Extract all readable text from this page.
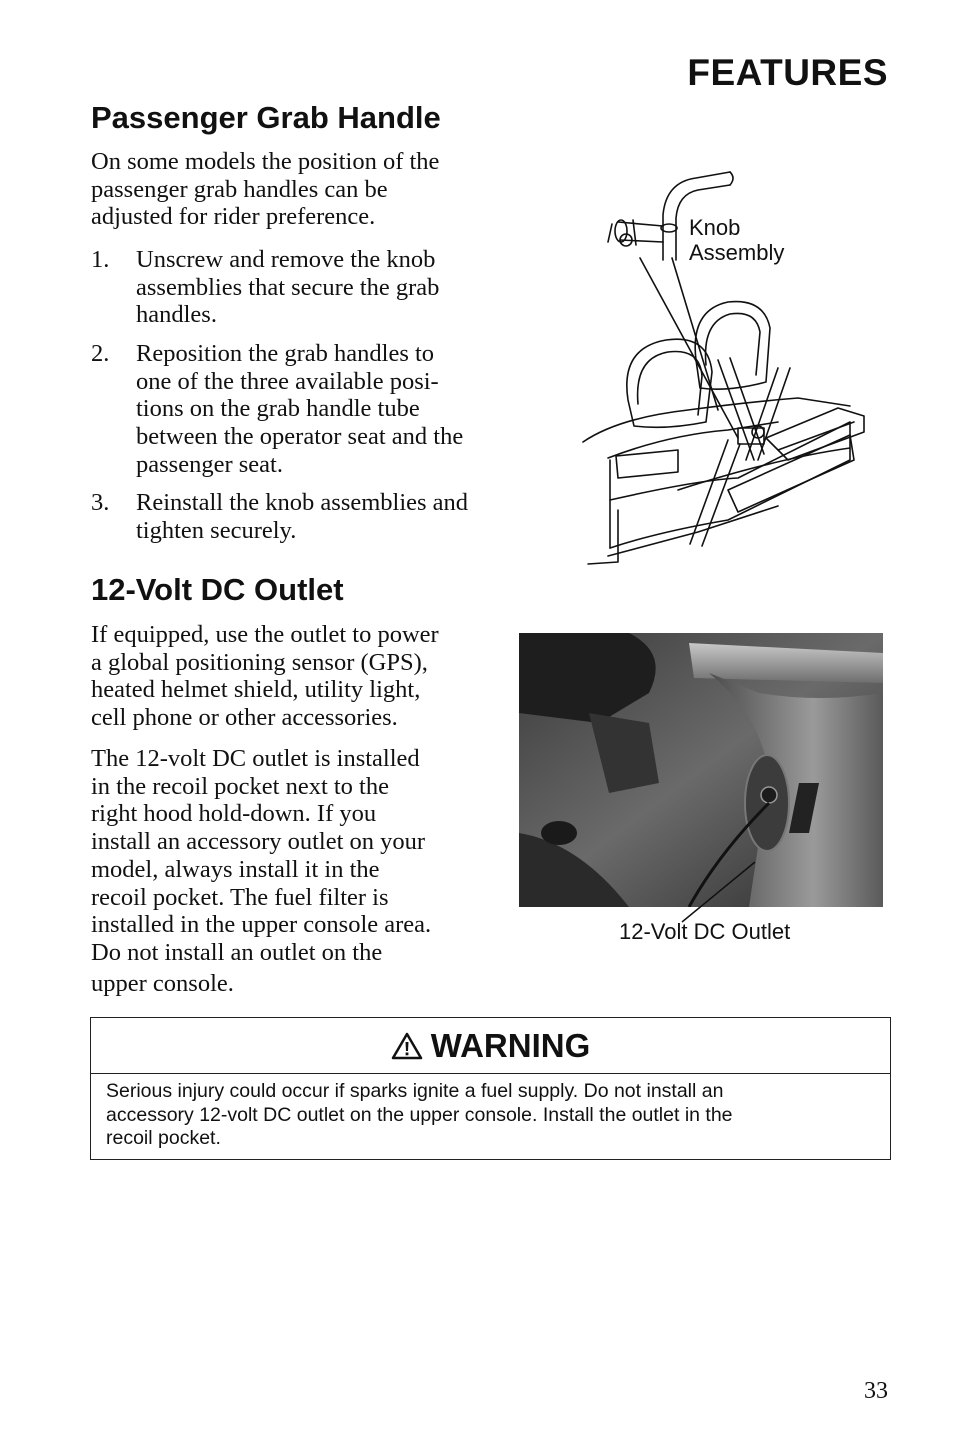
FEATURES
Passenger Grab Handle
On some models the position of the
passenger grab handles can be
adjusted for rider preference.
1. Unscrew and remove the knob
assemblies that secure the grab
handles.
2. Reposition the grab handles to
one of the three available posi-
tions on the grab handle tube
between the operator seat and the
passenger seat.
3. Reinstall the knob assemblies and
tighten securely.
Knob
Assembly
12-Volt DC Outlet
If equipped, use the outlet to power
a global positioning sensor (GPS),
heated helmet shield, utility light,
cell phone or other accessories.
The 12-volt DC outlet is installed
in the recoil pocket next to the
right hood hold-down. If you
install an accessory outlet on your
model, always install it in the
recoil pocket. The fuel filter is
installed in the upper console area.
Do not install an outlet on the
upper console.
12-Volt DC Outlet
WARNING
Serious injury could occur if sparks ignite a fuel supply. Do not install an
accessory 12-volt DC outlet on the upper console. Install the outlet in the
recoil pocket.
33
